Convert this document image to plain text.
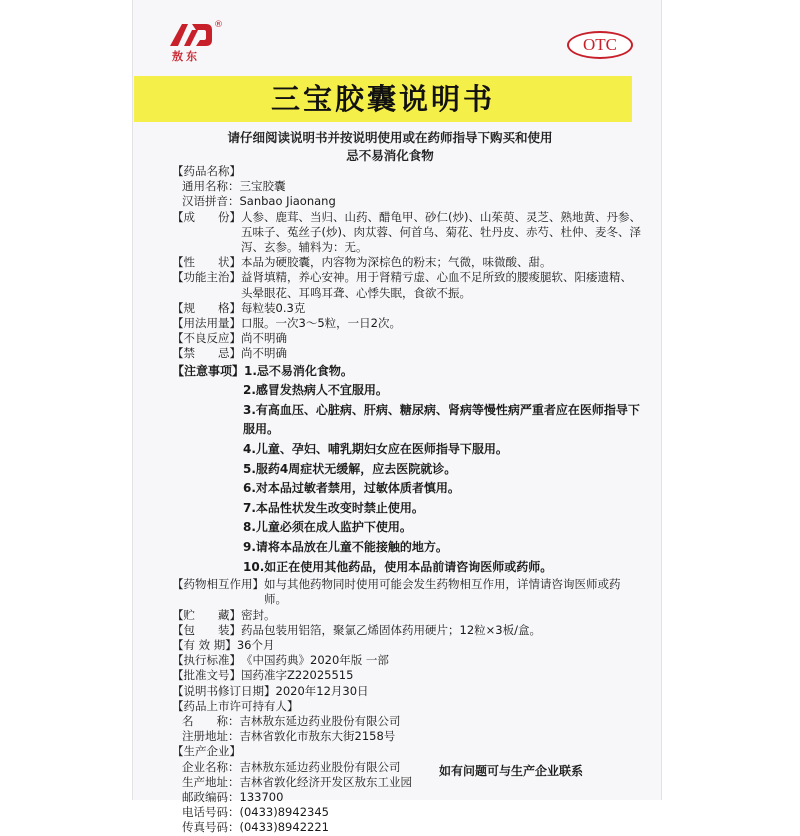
®
敖东
OTC
三宝胶囊说明书
请仔细阅读说明书并按说明使用或在药师指导下购买和使用
忌不易消化食物
【药品名称】
通用名称： 三宝胶囊
汉语拼音： Sanbao Jiaonang
【成　　份】 人参、鹿茸、当归、山药、醋龟甲、砂仁(炒)、山茱萸、灵芝、熟地黄、丹参、五味子、菟丝子(炒)、肉苁蓉、何首乌、菊花、牡丹皮、赤芍、杜仲、麦冬、泽泻、玄参。辅料为：无。
【性　　状】 本品为硬胶囊，内容物为深棕色的粉末；气微，味微酸、甜。
【功能主治】 益肾填精，养心安神。用于肾精亏虚、心血不足所致的腰痠腿软、阳痿遗精、头晕眼花、耳鸣耳聋、心悸失眠，食欲不振。
【规　　格】 每粒装0.3克
【用法用量】 口服。一次3～5粒，一日2次。
【不良反应】 尚不明确
【禁　　忌】 尚不明确
【注意事项】 1.忌不易消化食物。
2.感冒发热病人不宜服用。
3.有高血压、心脏病、肝病、糖尿病、肾病等慢性病严重者应在医师指导下服用。
4.儿童、孕妇、哺乳期妇女应在医师指导下服用。
5.服药4周症状无缓解，应去医院就诊。
6.对本品过敏者禁用，过敏体质者慎用。
7.本品性状发生改变时禁止使用。
8.儿童必须在成人监护下使用。
9.请将本品放在儿童不能接触的地方。
10.如正在使用其他药品，使用本品前请咨询医师或药师。
【药物相互作用】 如与其他药物同时使用可能会发生药物相互作用，详情请咨询医师或药师。
【贮　　藏】 密封。
【包　　装】 药品包装用铝箔，聚氯乙烯固体药用硬片；12粒×3板/盒。
【有 效 期】 36个月
【执行标准】 《中国药典》2020年版 一部
【批准文号】 国药准字Z22025515
【说明书修订日期】 2020年12月30日
【药品上市许可持有人】
名　　称： 吉林敖东延边药业股份有限公司
注册地址： 吉林省敦化市敖东大街2158号
【生产企业】
企业名称： 吉林敖东延边药业股份有限公司
生产地址： 吉林省敦化经济开发区敖东工业园
邮政编码： 133700
电话号码： (0433)8942345
传真号码： (0433)8942221
如有问题可与生产企业联系
